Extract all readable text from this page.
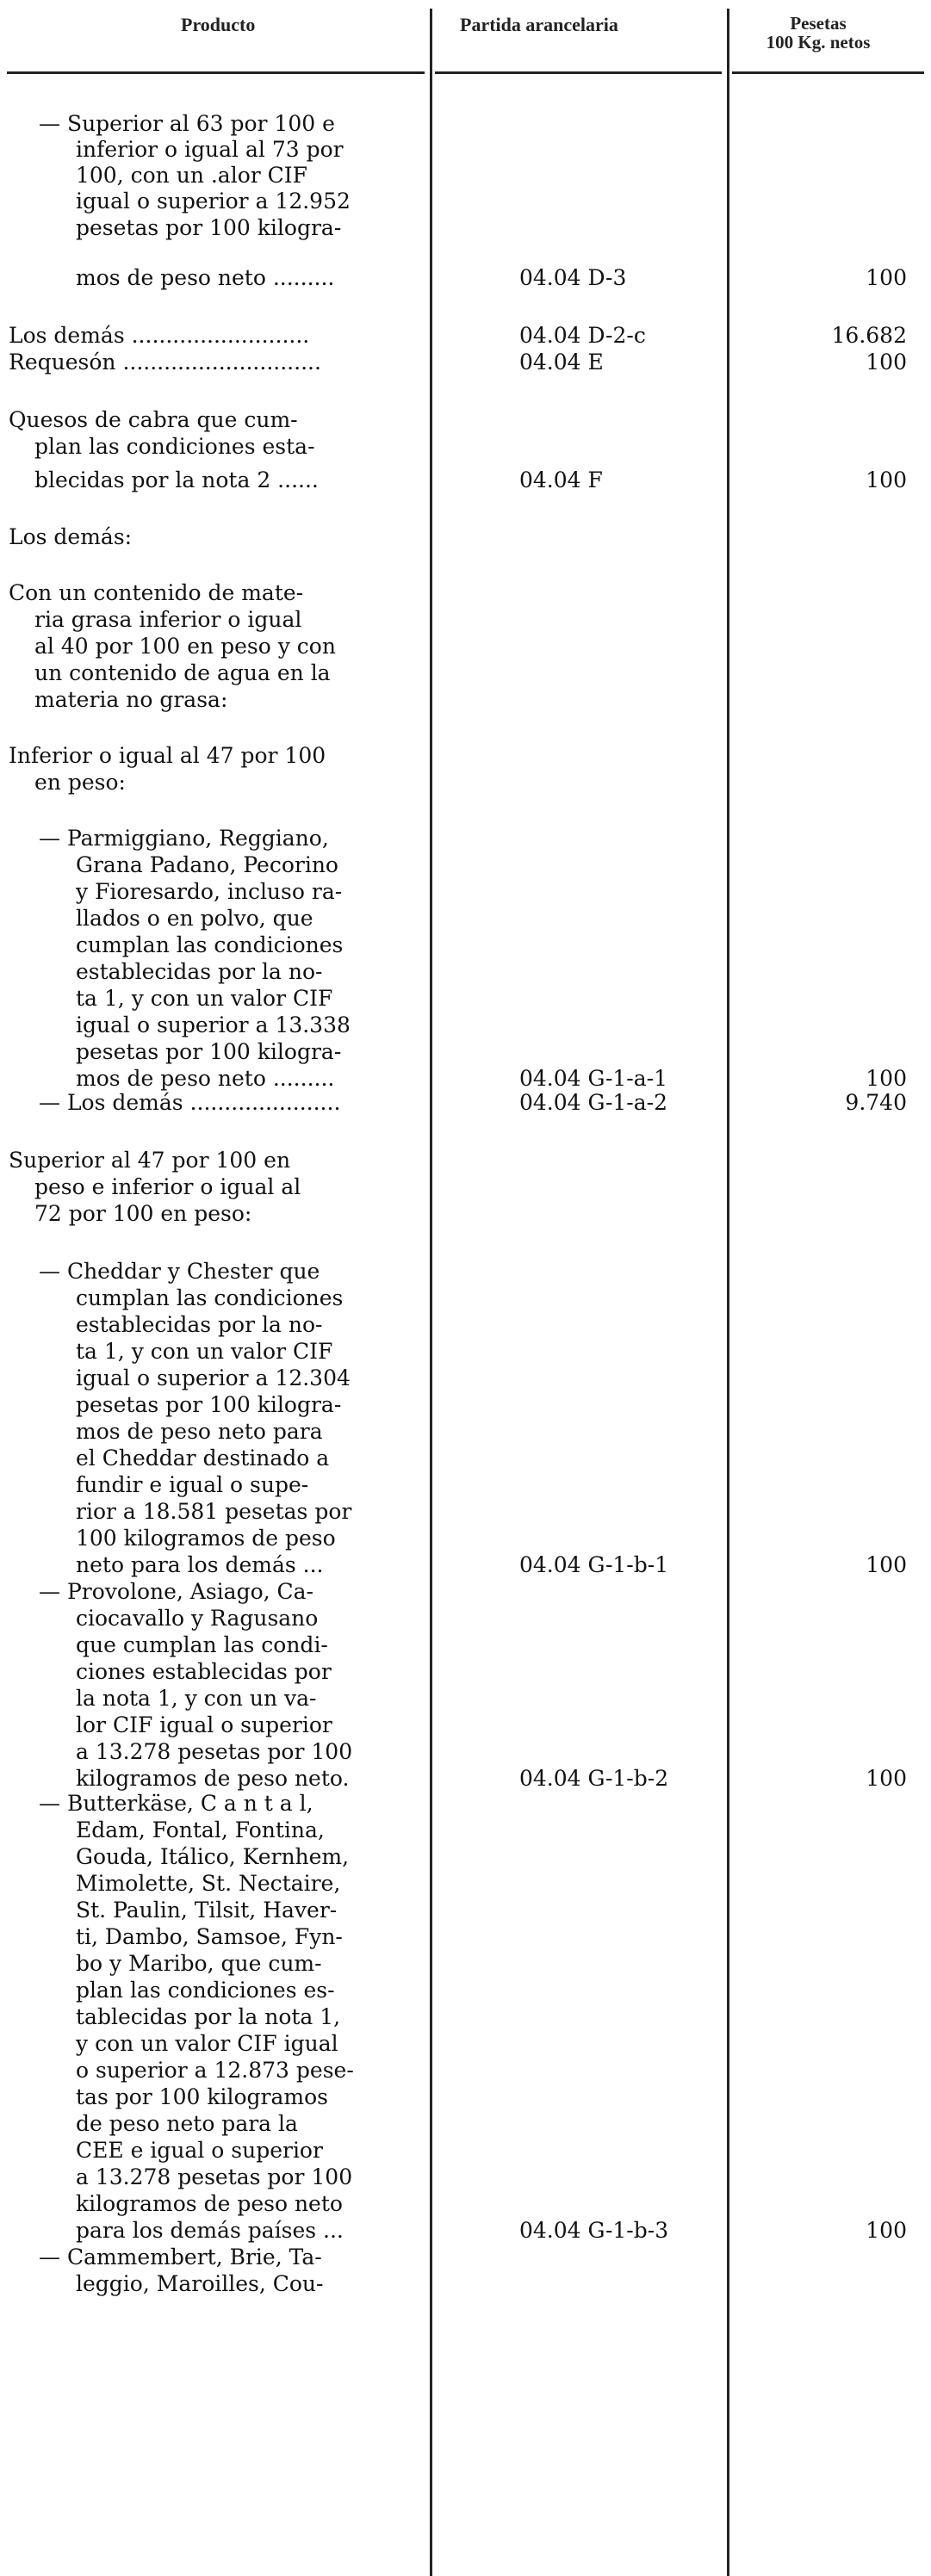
Producto	Partida arancelaria	Pesetas
100 Kg. netos
— Superior al 63 por 100 e
inferior o igual al 73 por
100, con un .alor CIF
igual o superior a 12.952
pesetas por 100 kilogra-
mos de peso neto .........
Los demás ..........................
Requesón .............................
Quesos de cabra que cum-
plan las condiciones esta-
blecidas por la nota 2 ......
Los demás:
Con un contenido de mate-
ria grasa inferior o igual
al 40 por 100 en peso y con
un contenido de agua en la
materia no grasa:
Inferior o igual al 47 por 100
en peso:
— Parmiggiano, Reggiano,
Grana Padano, Pecorino
y Fioresardo, incluso ra-
llados o en polvo, que
cumplan las condiciones
establecidas por la no-
ta 1, y con un valor CIF
igual o superior a 13.338
pesetas por 100 kilogra-
mos de peso neto .........
— Los demás ......................
Superior al 47 por 100 en
peso e inferior o igual al
72 por 100 en peso:
— Cheddar y Chester que
cumplan las condiciones
establecidas por la no-
ta 1, y con un valor CIF
igual o superior a 12.304
pesetas por 100 kilogra-
mos de peso neto para
el Cheddar destinado a
fundir e igual o supe-
rior a 18.581 pesetas por
100 kilogramos de peso
neto para los demás ...
— Provolone, Asiago, Ca-
ciocavallo y Ragusano
que cumplan las condi-
ciones establecidas por
la nota 1, y con un va-
lor CIF igual o superior
a 13.278 pesetas por 100
kilogramos de peso neto.
— Butterkäse, C a n t a l,
Edam, Fontal, Fontina,
Gouda, Itálico, Kernhem,
Mimolette, St. Nectaire,
St. Paulin, Tilsit, Haver-
ti, Dambo, Samsoe, Fyn-
bo y Maribo, que cum-
plan las condiciones es-
tablecidas por la nota 1,
y con un valor CIF igual
o superior a 12.873 pese-
tas por 100 kilogramos
de peso neto para la
CEE e igual o superior
a 13.278 pesetas por 100
kilogramos de peso neto
para los demás países ...
— Cammembert, Brie, Ta-
leggio, Maroilles, Cou-
04.04 D-3
04.04 D-2-c
04.04 E
04.04 F
04.04 G-1-a-1
04.04 G-1-a-2
04.04 G-1-b-1
04.04 G-1-b-2
04.04 G-1-b-3
100
16.682
100
100
100
9.740
100
100
100
